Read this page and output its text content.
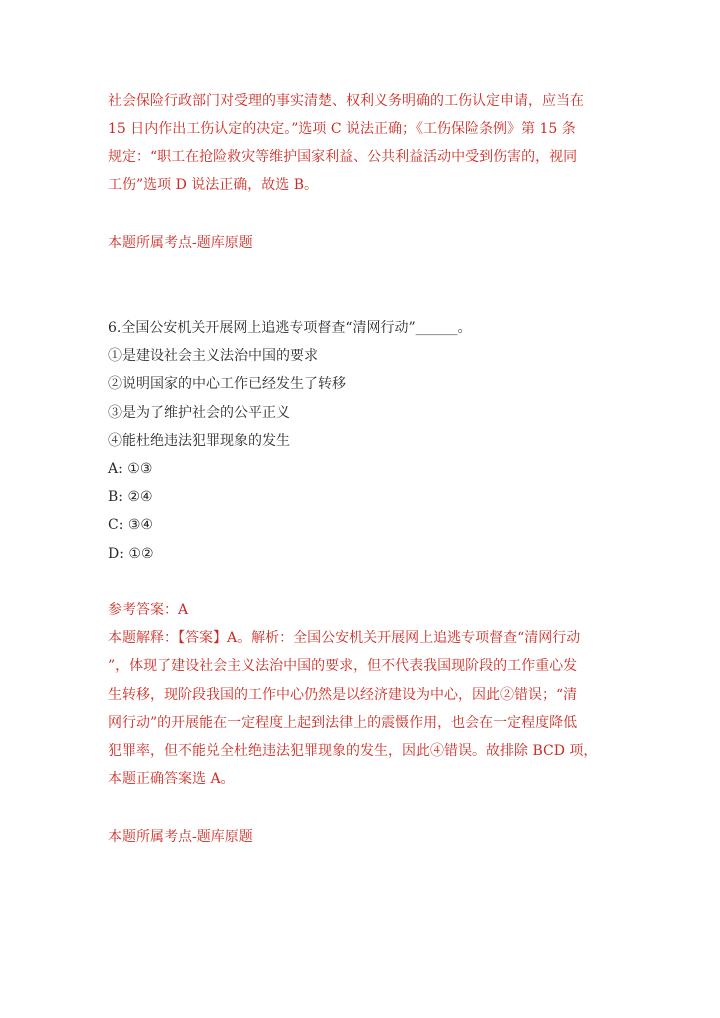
社会保险行政部门对受理的事实清楚、权利义务明确的工伤认定申请，应当在
15 日内作出工伤认定的决定。”选项 C 说法正确；《工伤保险条例》第 15 条
规定：“职工在抢险救灾等维护国家利益、公共利益活动中受到伤害的，视同
工伤”选项 D 说法正确，故选 B。
本题所属考点-题库原题
6.全国公安机关开展网上追逃专项督查“清网行动”______。
①是建设社会主义法治中国的要求
②说明国家的中心工作已经发生了转移
③是为了维护社会的公平正义
④能杜绝违法犯罪现象的发生
A: ①③
B: ②④
C: ③④
D: ①②
参考答案：A
本题解释：【答案】A。解析：全国公安机关开展网上追逃专项督查“清网行动
”，体现了建设社会主义法治中国的要求，但不代表我国现阶段的工作重心发
生转移，现阶段我国的工作中心仍然是以经济建设为中心，因此②错误；“清
网行动”的开展能在一定程度上起到法律上的震慑作用，也会在一定程度降低
犯罪率，但不能兑全杜绝违法犯罪现象的发生，因此④错误。故排除 BCD 项，
本题正确答案选 A。
本题所属考点-题库原题
